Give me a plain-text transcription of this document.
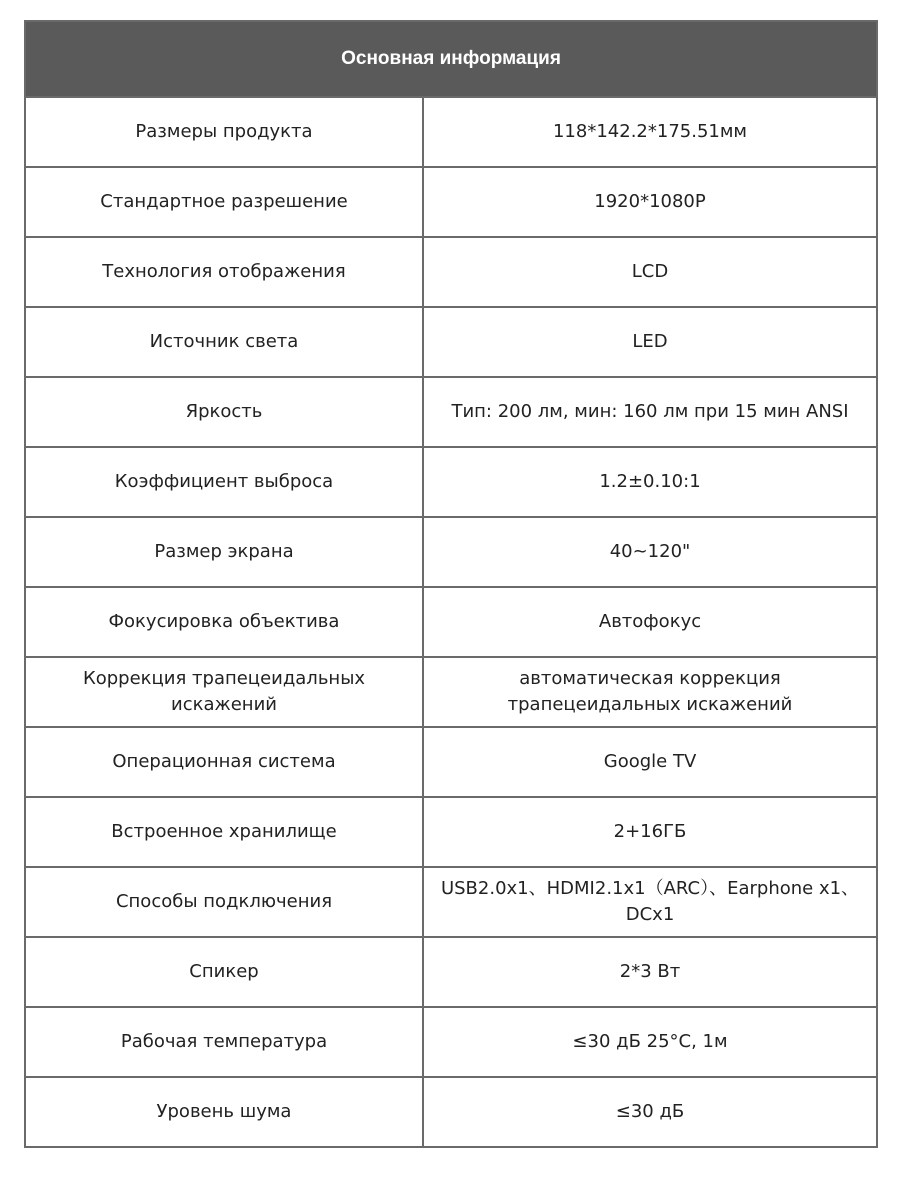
Основная информация	
Размеры продукта	118*142.2*175.51мм
Стандартное разрешение	1920*1080P
Технология отображения	LCD
Источник света	LED
Яркость	Тип: 200 лм, мин: 160 лм при 15 мин ANSI
Коэффициент выброса	1.2±0.10:1
Размер экрана	40~120"
Фокусировка объектива	Автофокус
Коррекция трапецеидальных искажений	автоматическая коррекция трапецеидальных искажений
Операционная система	Google TV
Встроенное хранилище	2+16ГБ
Способы подключения	USB2.0x1、HDMI2.1x1（ARC）、Earphone x1、DCx1
Спикер	2*3 Вт
Рабочая температура	≤30 дБ 25°C, 1м
Уровень шума	≤30 дБ
